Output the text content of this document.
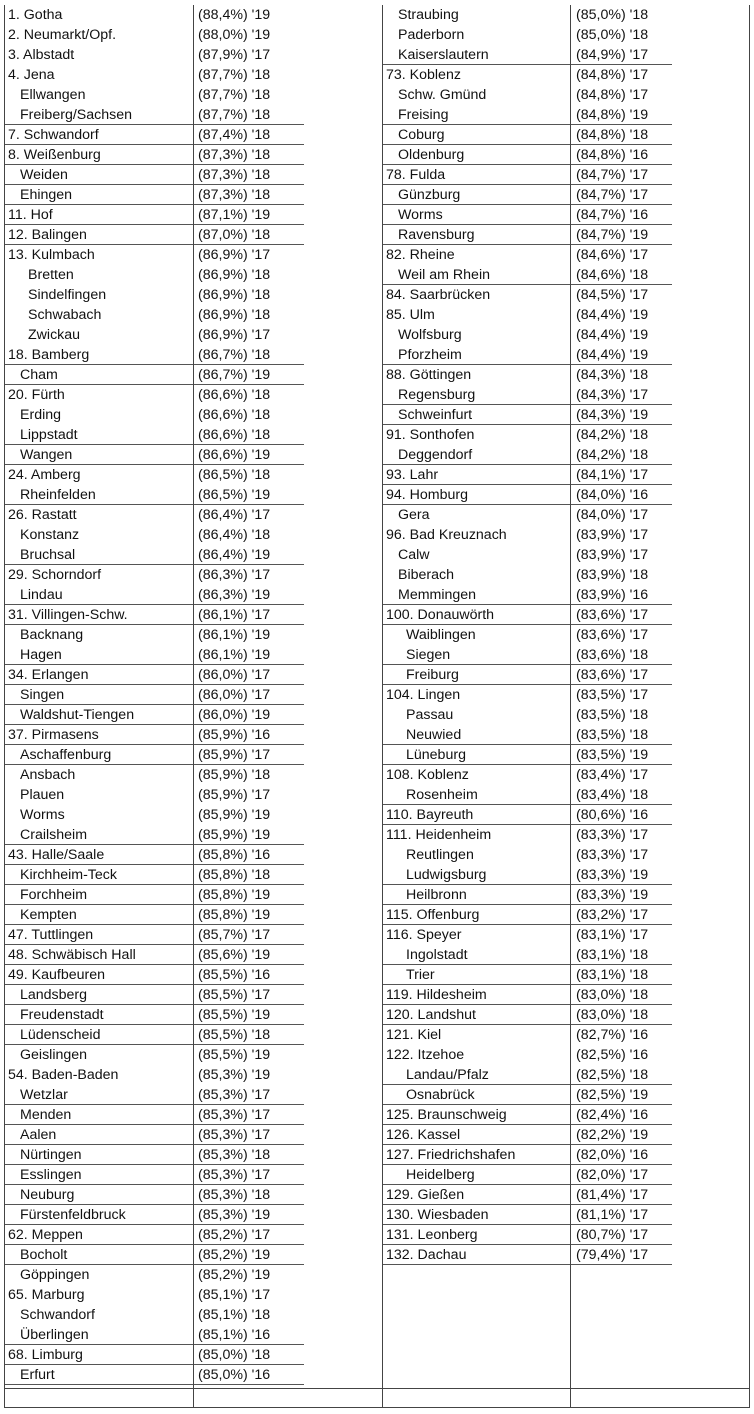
1. Gotha	(88,4%) '19
2. Neumarkt/Opf.	(88,0%) '19
3. Albstadt	(87,9%) '17
4. Jena	(87,7%) '18
Ellwangen	(87,7%) '18
Freiberg/Sachsen	(87,7%) '18
7. Schwandorf	(87,4%) '18
8. Weißenburg	(87,3%) '18
Weiden	(87,3%) '18
Ehingen	(87,3%) '18
11. Hof	(87,1%) '19
12. Balingen	(87,0%) '18
13. Kulmbach	(86,9%) '17
Bretten	(86,9%) '18
Sindelfingen	(86,9%) '18
Schwabach	(86,9%) '18
Zwickau	(86,9%) '17
18. Bamberg	(86,7%) '18
Cham	(86,7%) '19
20. Fürth	(86,6%) '18
Erding	(86,6%) '18
Lippstadt	(86,6%) '18
Wangen	(86,6%) '19
24. Amberg	(86,5%) '18
Rheinfelden	(86,5%) '19
26. Rastatt	(86,4%) '17
Konstanz	(86,4%) '18
Bruchsal	(86,4%) '19
29. Schorndorf	(86,3%) '17
Lindau	(86,3%) '19
31. Villingen-Schw.	(86,1%) '17
Backnang	(86,1%) '19
Hagen	(86,1%) '19
34. Erlangen	(86,0%) '17
Singen	(86,0%) '17
Waldshut-Tiengen	(86,0%) '19
37. Pirmasens	(85,9%) '16
Aschaffenburg	(85,9%) '17
Ansbach	(85,9%) '18
Plauen	(85,9%) '17
Worms	(85,9%) '19
Crailsheim	(85,9%) '19
43. Halle/Saale	(85,8%) '16
Kirchheim-Teck	(85,8%) '18
Forchheim	(85,8%) '19
Kempten	(85,8%) '19
47. Tuttlingen	(85,7%) '17
48. Schwäbisch Hall	(85,6%) '19
49. Kaufbeuren	(85,5%) '16
Landsberg	(85,5%) '17
Freudenstadt	(85,5%) '19
Lüdenscheid	(85,5%) '18
Geislingen	(85,5%) '19
54. Baden-Baden	(85,3%) '19
Wetzlar	(85,3%) '17
Menden	(85,3%) '17
Aalen	(85,3%) '17
Nürtingen	(85,3%) '18
Esslingen	(85,3%) '17
Neuburg	(85,3%) '18
Fürstenfeldbruck	(85,3%) '19
62. Meppen	(85,2%) '17
Bocholt	(85,2%) '19
Göppingen	(85,2%) '19
65. Marburg	(85,1%) '17
Schwandorf	(85,1%) '18
Überlingen	(85,1%) '16
68. Limburg	(85,0%) '18
Erfurt	(85,0%) '16
Straubing	(85,0%) '18
Paderborn	(85,0%) '18
Kaiserslautern	(84,9%) '17
73. Koblenz	(84,8%) '17
Schw. Gmünd	(84,8%) '17
Freising	(84,8%) '19
Coburg	(84,8%) '18
Oldenburg	(84,8%) '16
78. Fulda	(84,7%) '17
Günzburg	(84,7%) '17
Worms	(84,7%) '16
Ravensburg	(84,7%) '19
82. Rheine	(84,6%) '17
Weil am Rhein	(84,6%) '18
84. Saarbrücken	(84,5%) '17
85. Ulm	(84,4%) '19
Wolfsburg	(84,4%) '19
Pforzheim	(84,4%) '19
88. Göttingen	(84,3%) '18
Regensburg	(84,3%) '17
Schweinfurt	(84,3%) '19
91. Sonthofen	(84,2%) '18
Deggendorf	(84,2%) '18
93. Lahr	(84,1%) '17
94. Homburg	(84,0%) '16
Gera	(84,0%) '17
96. Bad Kreuznach	(83,9%) '17
Calw	(83,9%) '17
Biberach	(83,9%) '18
Memmingen	(83,9%) '16
100. Donauwörth	(83,6%) '17
Waiblingen	(83,6%) '17
Siegen	(83,6%) '18
Freiburg	(83,6%) '17
104. Lingen	(83,5%) '17
Passau	(83,5%) '18
Neuwied	(83,5%) '18
Lüneburg	(83,5%) '19
108. Koblenz	(83,4%) '17
Rosenheim	(83,4%) '18
110. Bayreuth	(80,6%) '16
111. Heidenheim	(83,3%) '17
Reutlingen	(83,3%) '17
Ludwigsburg	(83,3%) '19
Heilbronn	(83,3%) '19
115. Offenburg	(83,2%) '17
116. Speyer	(83,1%) '17
Ingolstadt	(83,1%) '18
Trier	(83,1%) '18
119. Hildesheim	(83,0%) '18
120. Landshut	(83,0%) '18
121. Kiel	(82,7%) '16
122. Itzehoe	(82,5%) '16
Landau/Pfalz	(82,5%) '18
Osnabrück	(82,5%) '19
125. Braunschweig	(82,4%) '16
126. Kassel	(82,2%) '19
127. Friedrichshafen	(82,0%) '16
Heidelberg	(82,0%) '17
129. Gießen	(81,4%) '17
130. Wiesbaden	(81,1%) '17
131. Leonberg	(80,7%) '17
132. Dachau	(79,4%) '17
